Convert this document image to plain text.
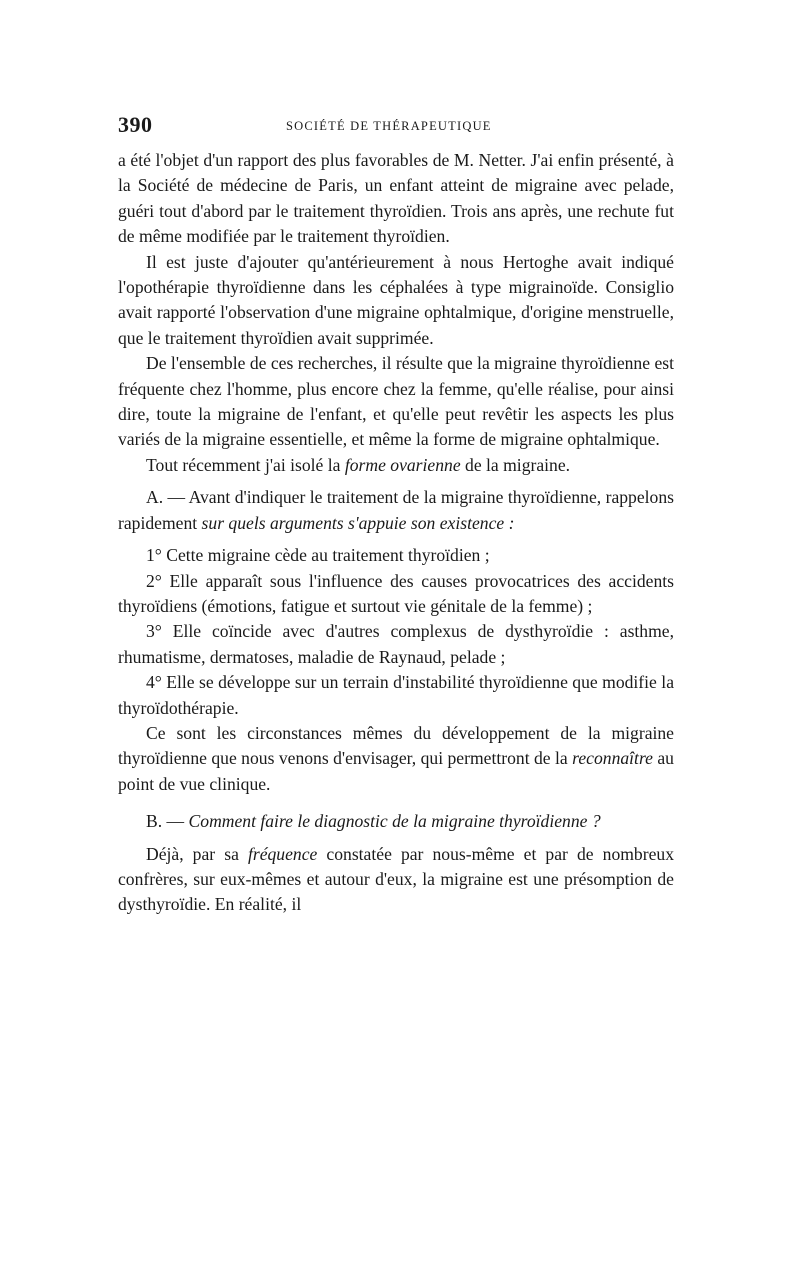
390	SOCIÉTÉ DE THÉRAPEUTIQUE

a été l'objet d'un rapport des plus favorables de M. Netter. J'ai enfin présenté, à la Société de médecine de Paris, un enfant atteint de migraine avec pelade, guéri tout d'abord par le traitement thyroïdien. Trois ans après, une rechute fut de même modifiée par le traitement thyroïdien.

Il est juste d'ajouter qu'antérieurement à nous Hertoghe avait indiqué l'opothérapie thyroïdienne dans les céphalées à type migrainoïde. Consiglio avait rapporté l'observation d'une migraine ophtalmique, d'origine menstruelle, que le traitement thyroïdien avait supprimée.

De l'ensemble de ces recherches, il résulte que la migraine thyroïdienne est fréquente chez l'homme, plus encore chez la femme, qu'elle réalise, pour ainsi dire, toute la migraine de l'enfant, et qu'elle peut revêtir les aspects les plus variés de la migraine essentielle, et même la forme de migraine ophtalmique.

Tout récemment j'ai isolé la forme ovarienne de la migraine.

A. — Avant d'indiquer le traitement de la migraine thyroïdienne, rappelons rapidement sur quels arguments s'appuie son existence :

1° Cette migraine cède au traitement thyroïdien ;

2° Elle apparaît sous l'influence des causes provocatrices des accidents thyroïdiens (émotions, fatigue et surtout vie génitale de la femme) ;

3° Elle coïncide avec d'autres complexus de dysthyroïdie : asthme, rhumatisme, dermatoses, maladie de Raynaud, pelade ;

4° Elle se développe sur un terrain d'instabilité thyroïdienne que modifie la thyroïdothérapie.

Ce sont les circonstances mêmes du développement de la migraine thyroïdienne que nous venons d'envisager, qui permettront de la reconnaître au point de vue clinique.

B. — Comment faire le diagnostic de la migraine thyroïdienne ?

Déjà, par sa fréquence constatée par nous-même et par de nombreux confrères, sur eux-mêmes et autour d'eux, la migraine est une présomption de dysthyroïdie. En réalité, il
